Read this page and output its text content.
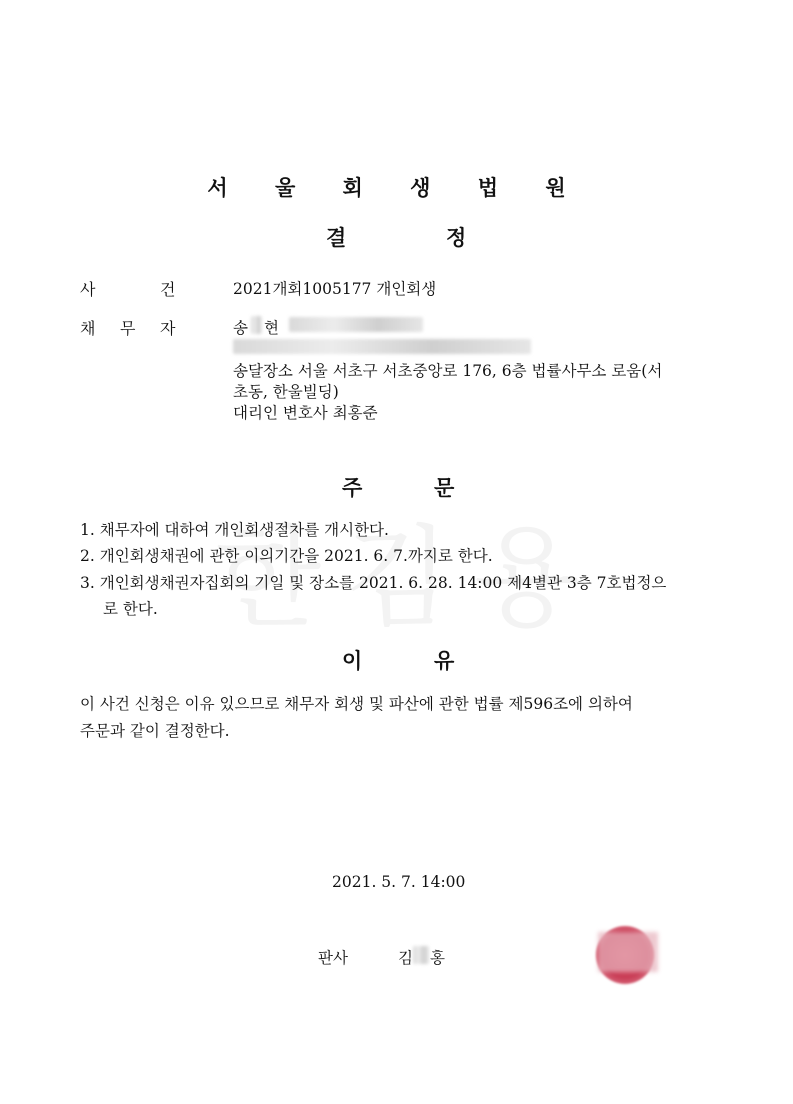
서 울 회 생 법 원
결	정
사	건	2021개회1005177 개인회생
채 무 자	송 현
송달장소 서울 서초구 서초중앙로 176, 6층 법률사무소 로움(서
초동, 한울빌딩)
대리인 변호사 최홍준
주	문
1. 채무자에 대하여 개인회생절차를 개시한다.
2. 개인회생채권에 관한 이의기간을 2021. 6. 7.까지로 한다.
3. 개인회생채권자집회의 기일 및 장소를 2021. 6. 28. 14:00 제4별관 3층 7호법정으
로 한다.
이	유
이 사건 신청은 이유 있으므로 채무자 회생 및 파산에 관한 법률 제596조에 의하여
주문과 같이 결정한다.
2021. 5. 7. 14:00
판사	김 홍
